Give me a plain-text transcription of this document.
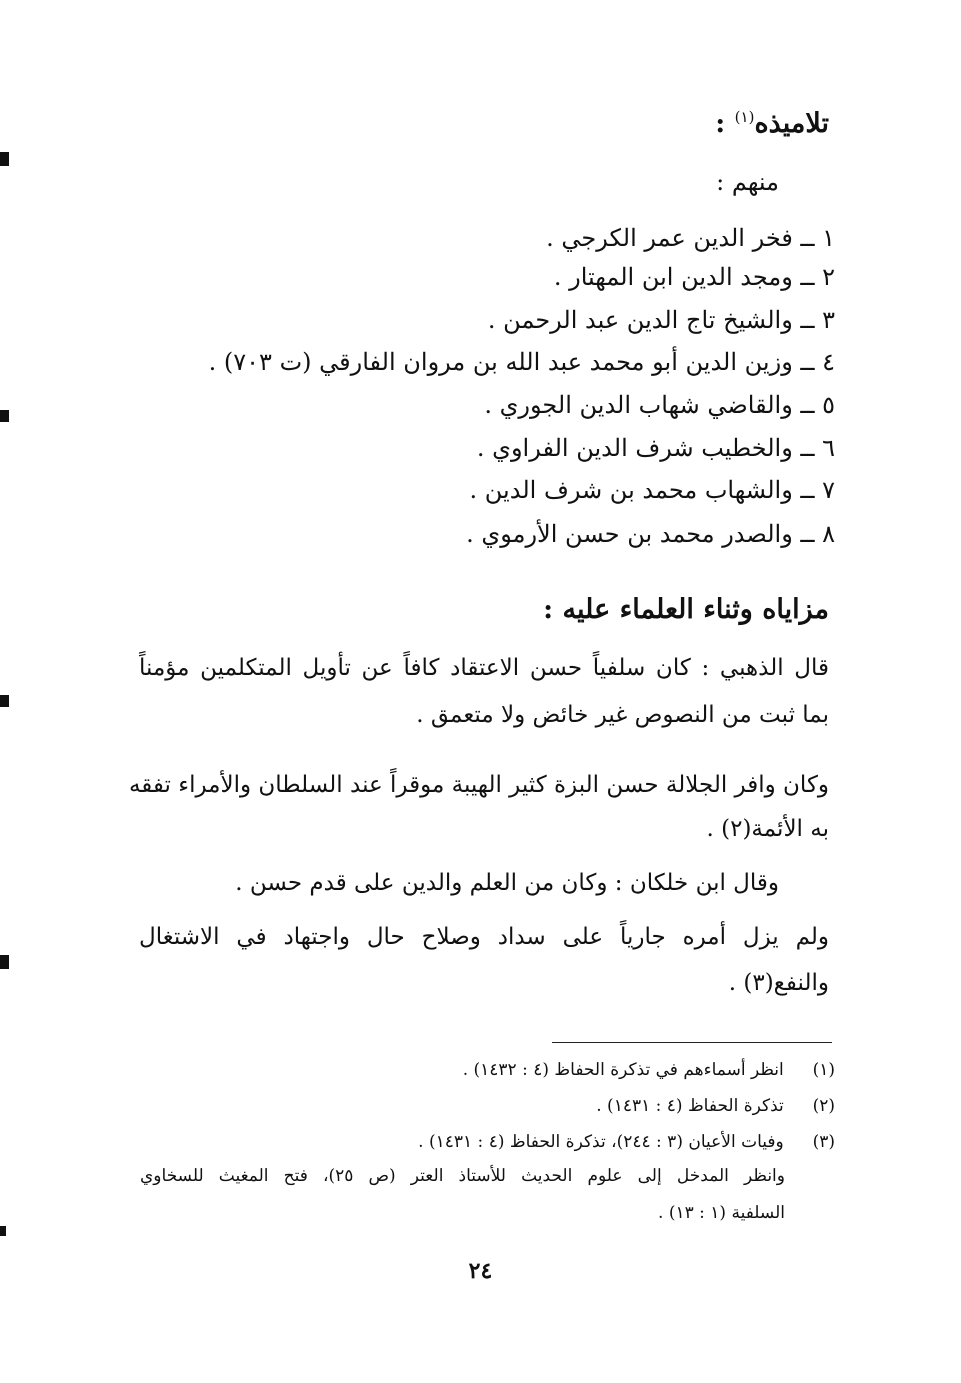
تلاميذه$^{(١)}$ :
منهم :
١ ــ فخر الدين عمر الكرجي .
٢ ــ ومجد الدين ابن المهتار .
٣ ــ والشيخ تاج الدين عبد الرحمن .
٤ ــ وزين الدين أبو محمد عبد الله بن مروان الفارقي (ت ٧٠٣) .
٥ ــ والقاضي شهاب الدين الجوري .
٦ ــ والخطيب شرف الدين الفراوي .
٧ ــ والشهاب محمد بن شرف الدين .
٨ ــ والصدر محمد بن حسن الأرموي .
مزاياه وثناء العلماء عليه :
قال الذهبي : كان سلفياً حسن الاعتقاد كافاً عن تأويل المتكلمين مؤمناً
بما ثبت من النصوص غير خائض ولا متعمق .
وكان وافر الجلالة حسن البزة كثير الهيبة موقراً عند السلطان والأمراء تفقه
به الأئمة(٢) .
وقال ابن خلكان : وكان من العلم والدين على قدم حسن .
ولم يزل أمره جارياً على سداد وصلاح حال واجتهاد في الاشتغال
والنفع(٣) .
(١)  انظر أسماءهم في تذكرة الحفاظ (٤ : ١٤٣٢) .
(٢)  تذكرة الحفاظ (٤ : ١٤٣١) .
(٣)  وفيات الأعيان (٣ : ٢٤٤)، تذكرة الحفاظ (٤ : ١٤٣١) .
وانظر المدخل إلى علوم الحديث للأستاذ العتر (ص ٢٥)، فتح المغيث للسخاوي
السلفية (١ : ١٣) .
٢٤
